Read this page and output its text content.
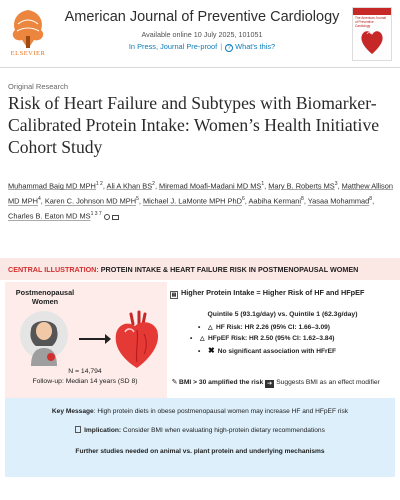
ELSEVIER
American Journal of Preventive Cardiology
Available online 10 July 2025, 101051
In Press, Journal Pre-proof | ? What's this?
The American Journal of Preventive Cardiology
Original Research
Risk of Heart Failure and Subtypes with Biomarker-Calibrated Protein Intake: Women’s Health Initiative Cohort Study
Muhammad Baig MD $MPH^{1 2}$, Ali A Khan $BS^2$, Miremad Moafi-Madani MD $MS^1$, Mary B. Roberts $MS^3$, Matthew Allison MD MPH$^4$, Karen C. Johnson MD MPH$^5$, Michael J. LaMonte MPH PhD$^6$, Aabiha Kermani$^8$, Yasaa Mohammad$^8$, Charles B. Eaton MD $MS^{1 3 7}$
CENTRAL ILLUSTRATION: PROTEIN INTAKE & HEART FAILURE RISK IN POSTMENOPAUSAL WOMEN
Postmenopausal
Women
N = 14,794
Follow-up: Median 14 years (SD 8)
▤ Higher Protein Intake = Higher Risk of HF and HFpEF
Quintile 5 (93.1g/day) vs. Quintile 1 (62.3g/day)
• △ HF Risk: HR 2.26 (95% CI: 1.66–3.09)
• △ HFpEF Risk: HR 2.50 (95% CI: 1.62–3.84)
• ✖ No significant association with HFrEF
✎ BMI > 30 amplified the risk ➔ Suggests BMI as an effect modifier
Key Message: High protein diets in obese postmenopausal women may increase HF and HFpEF risk
Implication: Consider BMI when evaluating high-protein dietary recommendations
Further studies needed on animal vs. plant protein and underlying mechanisms
